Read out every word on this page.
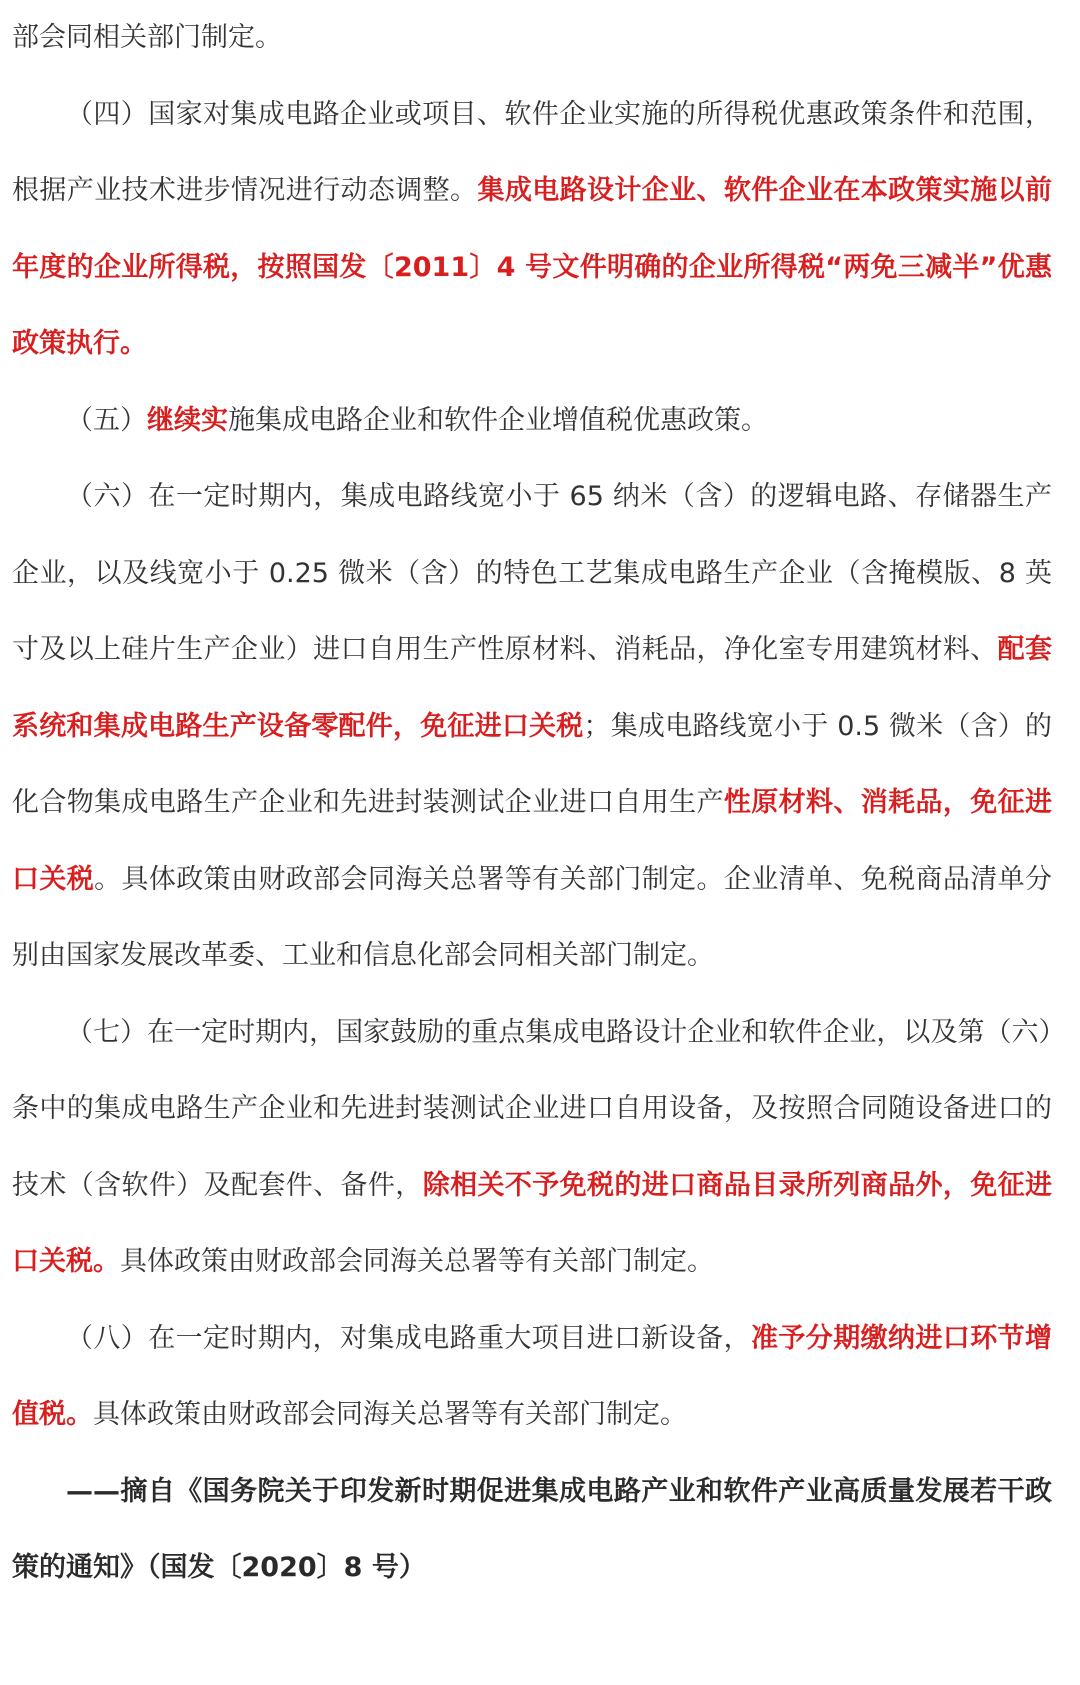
部会同相关部门制定。

（四）国家对集成电路企业或项目、软件企业实施的所得税优惠政策条件和范围，根据产业技术进步情况进行动态调整。集成电路设计企业、软件企业在本政策实施以前年度的企业所得税，按照国发〔2011〕4 号文件明确的企业所得税“两免三减半”优惠政策执行。

（五）继续实施集成电路企业和软件企业增值税优惠政策。

（六）在一定时期内，集成电路线宽小于 65 纳米（含）的逻辑电路、存储器生产企业，以及线宽小于 0.25 微米（含）的特色工艺集成电路生产企业（含掩模版、8 英寸及以上硅片生产企业）进口自用生产性原材料、消耗品，净化室专用建筑材料、配套系统和集成电路生产设备零配件，免征进口关税；集成电路线宽小于 0.5 微米（含）的化合物集成电路生产企业和先进封装测试企业进口自用生产性原材料、消耗品，免征进口关税。具体政策由财政部会同海关总署等有关部门制定。企业清单、免税商品清单分别由国家发展改革委、工业和信息化部会同相关部门制定。

（七）在一定时期内，国家鼓励的重点集成电路设计企业和软件企业，以及第（六）条中的集成电路生产企业和先进封装测试企业进口自用设备，及按照合同随设备进口的技术（含软件）及配套件、备件，除相关不予免税的进口商品目录所列商品外，免征进口关税。具体政策由财政部会同海关总署等有关部门制定。

（八）在一定时期内，对集成电路重大项目进口新设备，准予分期缴纳进口环节增值税。具体政策由财政部会同海关总署等有关部门制定。

——摘自《国务院关于印发新时期促进集成电路产业和软件产业高质量发展若干政策的通知》（国发〔2020〕8 号）
